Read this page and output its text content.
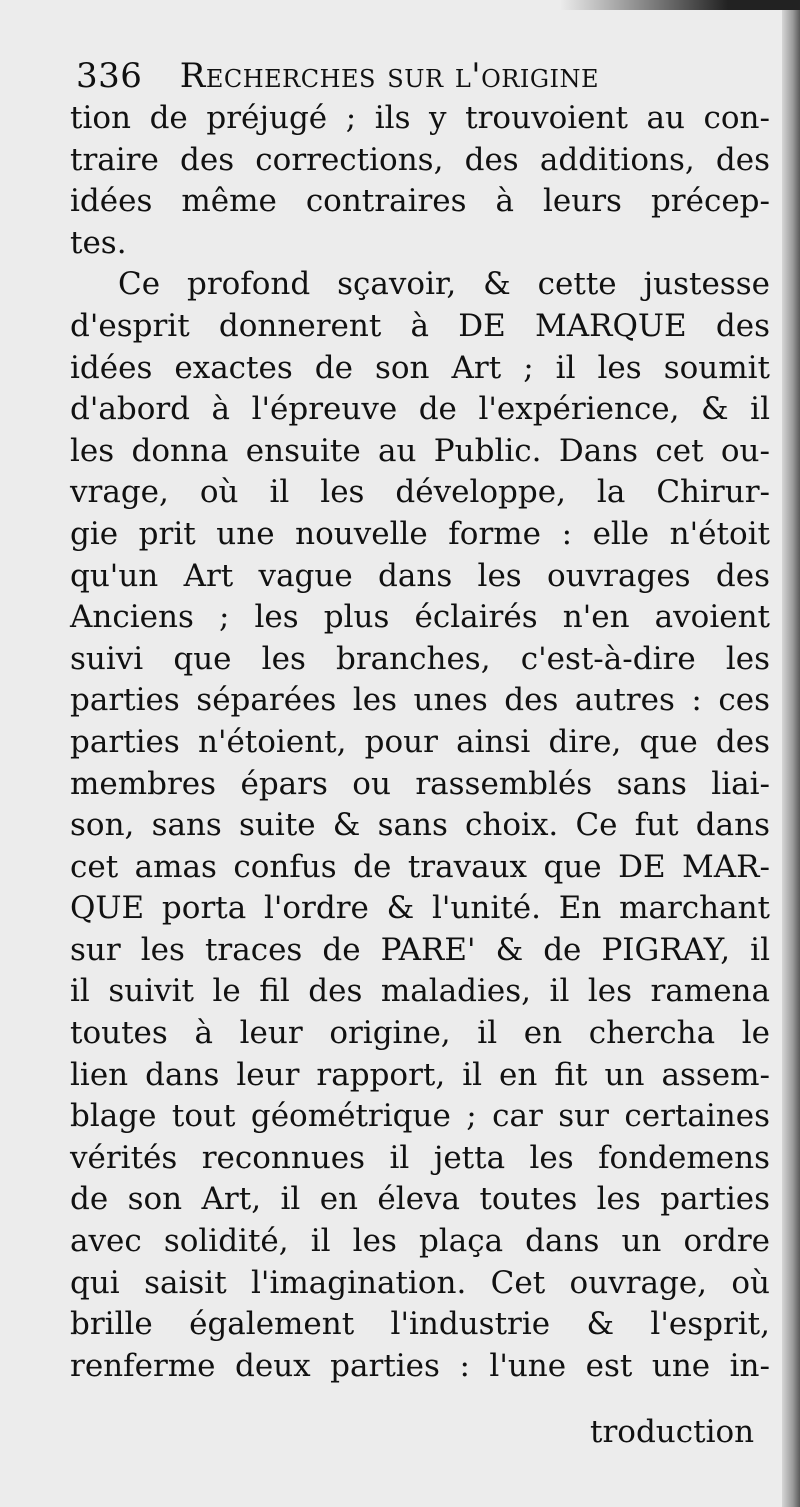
336 Recherches sur l'origine
tion de préjugé ; ils y trouvoient au con-
traire des corrections, des additions, des
idées même contraires à leurs précep-
tes.
Ce profond sçavoir, & cette justesse
d'esprit donnerent à DE MARQUE des
idées exactes de son Art ; il les soumit
d'abord à l'épreuve de l'expérience, & il
les donna ensuite au Public. Dans cet ou-
vrage, où il les développe, la Chirur-
gie prit une nouvelle forme : elle n'étoit
qu'un Art vague dans les ouvrages des
Anciens ; les plus éclairés n'en avoient
suivi que les branches, c'est-à-dire les
parties séparées les unes des autres : ces
parties n'étoient, pour ainsi dire, que des
membres épars ou rassemblés sans liai-
son, sans suite & sans choix. Ce fut dans
cet amas confus de travaux que DE MAR-
QUE porta l'ordre & l'unité. En marchant
sur les traces de PARE' & de PIGRAY, il
il suivit le fil des maladies, il les ramena
toutes à leur origine, il en chercha le
lien dans leur rapport, il en fit un assem-
blage tout géométrique ; car sur certaines
vérités reconnues il jetta les fondemens
de son Art, il en éleva toutes les parties
avec solidité, il les plaça dans un ordre
qui saisit l'imagination. Cet ouvrage, où
brille également l'industrie & l'esprit,
renferme deux parties : l'une est une in-
troduction
